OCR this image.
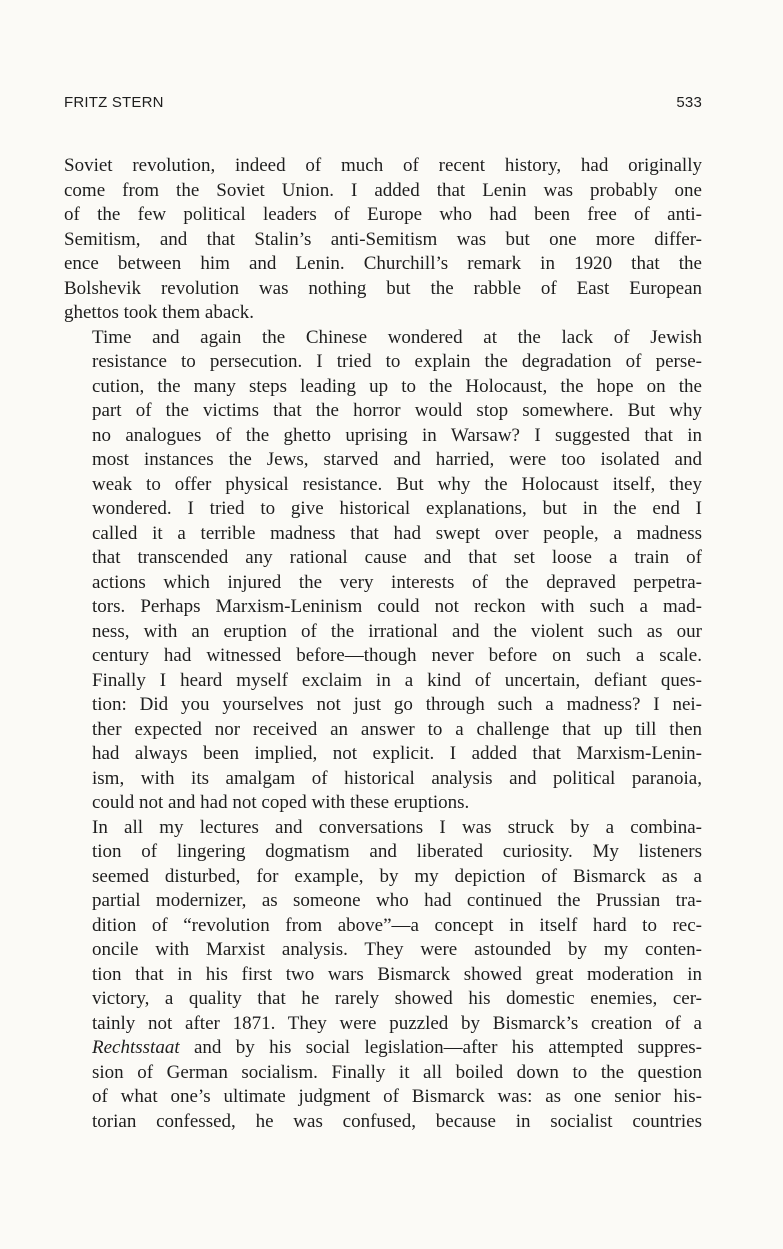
FRITZ STERN	533

Soviet revolution, indeed of much of recent history, had originally
come from the Soviet Union. I added that Lenin was probably one
of the few political leaders of Europe who had been free of anti-
Semitism, and that Stalin’s anti-Semitism was but one more differ-
ence between him and Lenin. Churchill’s remark in 1920 that the
Bolshevik revolution was nothing but the rabble of East European
ghettos took them aback.

Time and again the Chinese wondered at the lack of Jewish
resistance to persecution. I tried to explain the degradation of perse-
cution, the many steps leading up to the Holocaust, the hope on the
part of the victims that the horror would stop somewhere. But why
no analogues of the ghetto uprising in Warsaw? I suggested that in
most instances the Jews, starved and harried, were too isolated and
weak to offer physical resistance. But why the Holocaust itself, they
wondered. I tried to give historical explanations, but in the end I
called it a terrible madness that had swept over people, a madness
that transcended any rational cause and that set loose a train of
actions which injured the very interests of the depraved perpetra-
tors. Perhaps Marxism-Leninism could not reckon with such a mad-
ness, with an eruption of the irrational and the violent such as our
century had witnessed before—though never before on such a scale.
Finally I heard myself exclaim in a kind of uncertain, defiant ques-
tion: Did you yourselves not just go through such a madness? I nei-
ther expected nor received an answer to a challenge that up till then
had always been implied, not explicit. I added that Marxism-Lenin-
ism, with its amalgam of historical analysis and political paranoia,
could not and had not coped with these eruptions.

In all my lectures and conversations I was struck by a combina-
tion of lingering dogmatism and liberated curiosity. My listeners
seemed disturbed, for example, by my depiction of Bismarck as a
partial modernizer, as someone who had continued the Prussian tra-
dition of “revolution from above”—a concept in itself hard to rec-
oncile with Marxist analysis. They were astounded by my conten-
tion that in his first two wars Bismarck showed great moderation in
victory, a quality that he rarely showed his domestic enemies, cer-
tainly not after 1871. They were puzzled by Bismarck’s creation of a
Rechtsstaat and by his social legislation—after his attempted suppres-
sion of German socialism. Finally it all boiled down to the question
of what one’s ultimate judgment of Bismarck was: as one senior his-
torian confessed, he was confused, because in socialist countries
